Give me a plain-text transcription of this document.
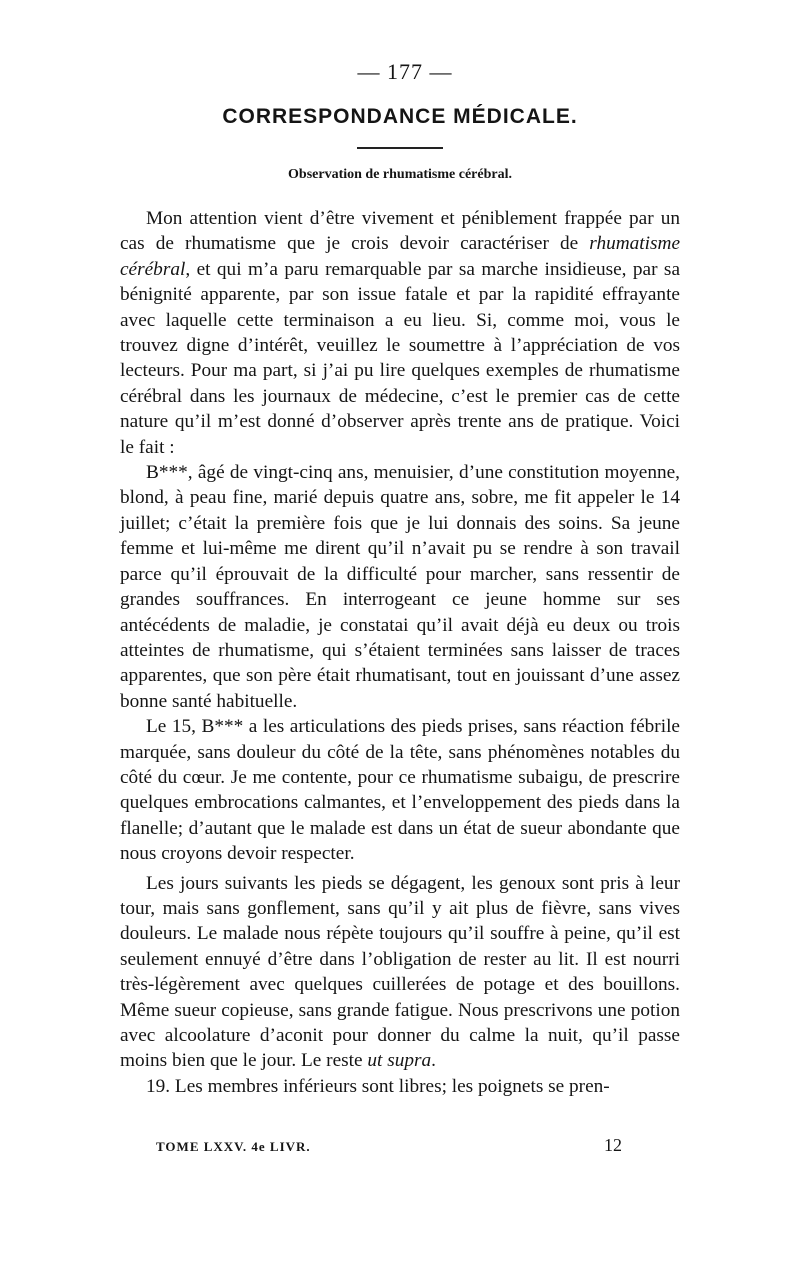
— 177 —
CORRESPONDANCE MÉDICALE.
Observation de rhumatisme cérébral.

Mon attention vient d’être vivement et péniblement frappée par un cas de rhumatisme que je crois devoir caractériser de rhumatisme cérébral, et qui m’a paru remarquable par sa marche insidieuse, par sa bénignité apparente, par son issue fatale et par la rapidité effrayante avec laquelle cette terminaison a eu lieu. Si, comme moi, vous le trouvez digne d’intérêt, veuillez le soumettre à l’appréciation de vos lecteurs. Pour ma part, si j’ai pu lire quelques exemples de rhumatisme cérébral dans les journaux de médecine, c’est le premier cas de cette nature qu’il m’est donné d’observer après trente ans de pratique. Voici le fait :

B***, âgé de vingt-cinq ans, menuisier, d’une constitution moyenne, blond, à peau fine, marié depuis quatre ans, sobre, me fit appeler le 14 juillet; c’était la première fois que je lui donnais des soins. Sa jeune femme et lui-même me dirent qu’il n’avait pu se rendre à son travail parce qu’il éprouvait de la difficulté pour marcher, sans ressentir de grandes souffrances. En interrogeant ce jeune homme sur ses antécédents de maladie, je constatai qu’il avait déjà eu deux ou trois atteintes de rhumatisme, qui s’étaient terminées sans laisser de traces apparentes, que son père était rhumatisant, tout en jouissant d’une assez bonne santé habituelle.

Le 15, B*** a les articulations des pieds prises, sans réaction fébrile marquée, sans douleur du côté de la tête, sans phénomènes notables du côté du cœur. Je me contente, pour ce rhumatisme subaigu, de prescrire quelques embrocations calmantes, et l’enveloppement des pieds dans la flanelle; d’autant que le malade est dans un état de sueur abondante que nous croyons devoir respecter.

Les jours suivants les pieds se dégagent, les genoux sont pris à leur tour, mais sans gonflement, sans qu’il y ait plus de fièvre, sans vives douleurs. Le malade nous répète toujours qu’il souffre à peine, qu’il est seulement ennuyé d’être dans l’obligation de rester au lit. Il est nourri très-légèrement avec quelques cuillerées de potage et des bouillons. Même sueur copieuse, sans grande fatigue. Nous prescrivons une potion avec alcoolature d’aconit pour donner du calme la nuit, qu’il passe moins bien que le jour. Le reste ut supra.

19. Les membres inférieurs sont libres; les poignets se pren-

TOME LXXV. 4e LIVR.	12
